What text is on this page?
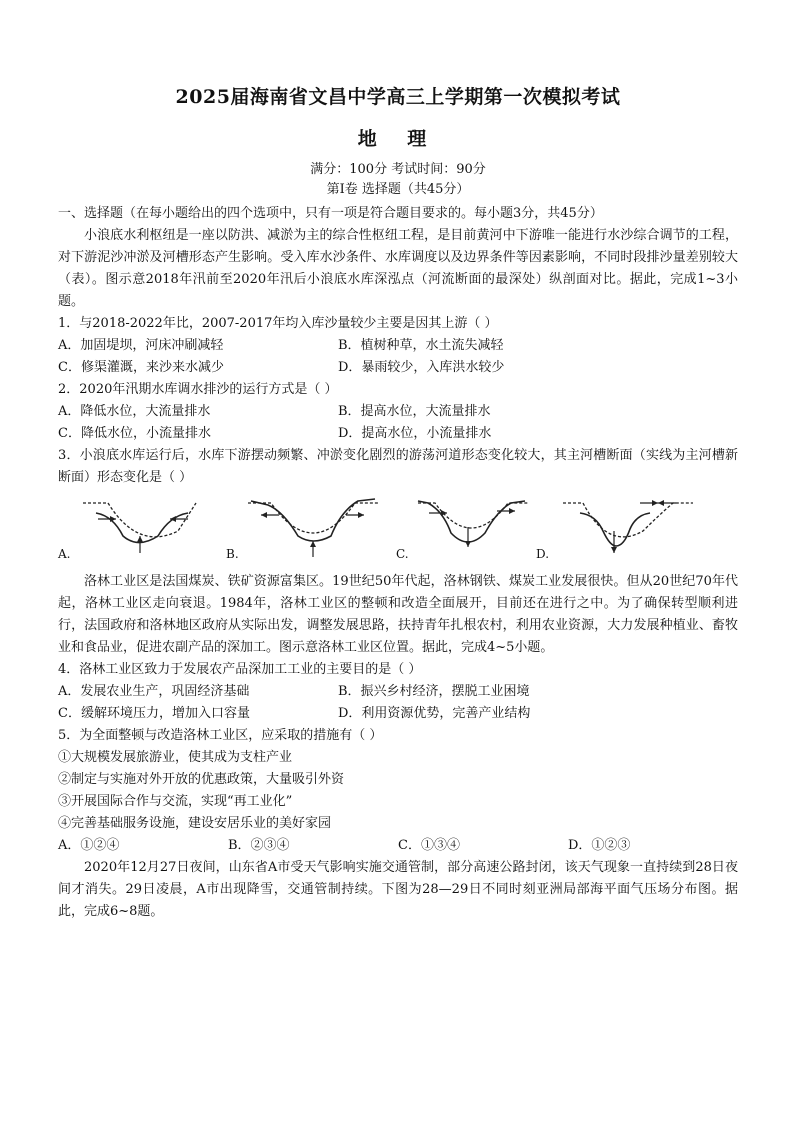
2025届海南省文昌中学高三上学期第一次模拟考试
地 理
满分：100分 考试时间：90分
第Ⅰ卷 选择题（共45分）

一、选择题（在每小题给出的四个选项中，只有一项是符合题目要求的。每小题3分，共45分）

小浪底水利枢纽是一座以防洪、减淤为主的综合性枢纽工程，是目前黄河中下游唯一能进行水沙综合调节的工程，对下游泥沙冲淤及河槽形态产生影响。受入库水沙条件、水库调度以及边界条件等因素影响，不同时段排沙量差别较大（表）。图示意2018年汛前至2020年汛后小浪底水库深泓点（河流断面的最深处）纵剖面对比。据此，完成1~3小题。

1．与2018-2022年比，2007-2017年均入库沙量较少主要是因其上游（ ）

A．加固堤坝，河床冲刷减轻	B．植树种草，水土流失减轻
C．修渠灌溉，来沙来水减少	D．暴雨较少，入库洪水较少

2．2020年汛期水库调水排沙的运行方式是（ ）

A．降低水位，大流量排水	B．提高水位，大流量排水
C．降低水位，小流量排水	D．提高水位，小流量排水

3．小浪底水库运行后，水库下游摆动频繁、冲淤变化剧烈的游荡河道形态变化较大，其主河槽断面（实线为主河槽新断面）形态变化是（ ）

A.	B.	C.	D.

洛林工业区是法国煤炭、铁矿资源富集区。19世纪50年代起，洛林钢铁、煤炭工业发展很快。但从20世纪70年代起，洛林工业区走向衰退。1984年，洛林工业区的整顿和改造全面展开，目前还在进行之中。为了确保转型顺利进行，法国政府和洛林地区政府从实际出发，调整发展思路，扶持青年扎根农村，利用农业资源，大力发展种植业、畜牧业和食品业，促进农副产品的深加工。图示意洛林工业区位置。据此，完成4~5小题。

4．洛林工业区致力于发展农产品深加工工业的主要目的是（ ）

A．发展农业生产，巩固经济基础	B．振兴乡村经济，摆脱工业困境
C．缓解环境压力，增加入口容量	D．利用资源优势，完善产业结构

5．为全面整顿与改造洛林工业区，应采取的措施有（ ）

①大规模发展旅游业，使其成为支柱产业

②制定与实施对外开放的优惠政策，大量吸引外资

③开展国际合作与交流，实现“再工业化”

④完善基础服务设施，建设安居乐业的美好家园

A．①②④	B．②③④	C．①③④	D．①②③

2020年12月27日夜间，山东省A市受天气影响实施交通管制，部分高速公路封闭，该天气现象一直持续到28日夜间才消失。29日凌晨，A市出现降雪，交通管制持续。下图为28—29日不同时刻亚洲局部海平面气压场分布图。据此，完成6~8题。
